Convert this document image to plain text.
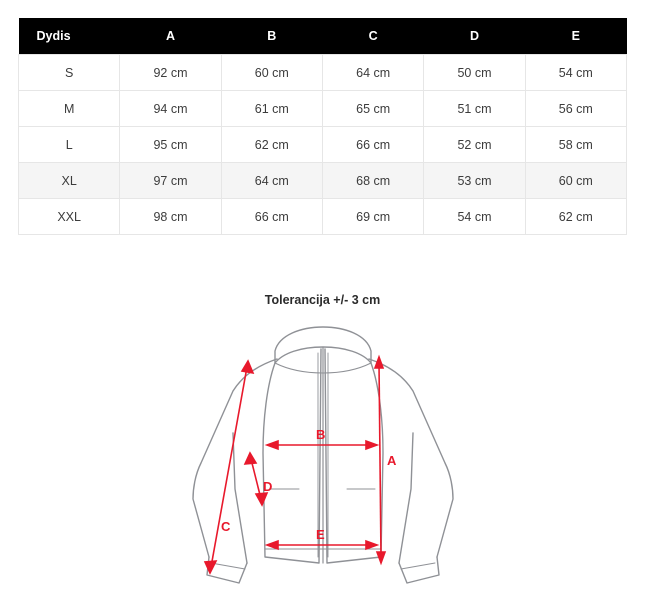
Dydis	A	B	C	D	E
S	92 cm	60 cm	64 cm	50 cm	54 cm
M	94 cm	61 cm	65 cm	51 cm	56 cm
L	95 cm	62 cm	66 cm	52 cm	58 cm
XL	97 cm	64 cm	68 cm	53 cm	60 cm
XXL	98 cm	66 cm	69 cm	54 cm	62 cm
Tolerancija +/- 3 cm
A
B
C
D
E
